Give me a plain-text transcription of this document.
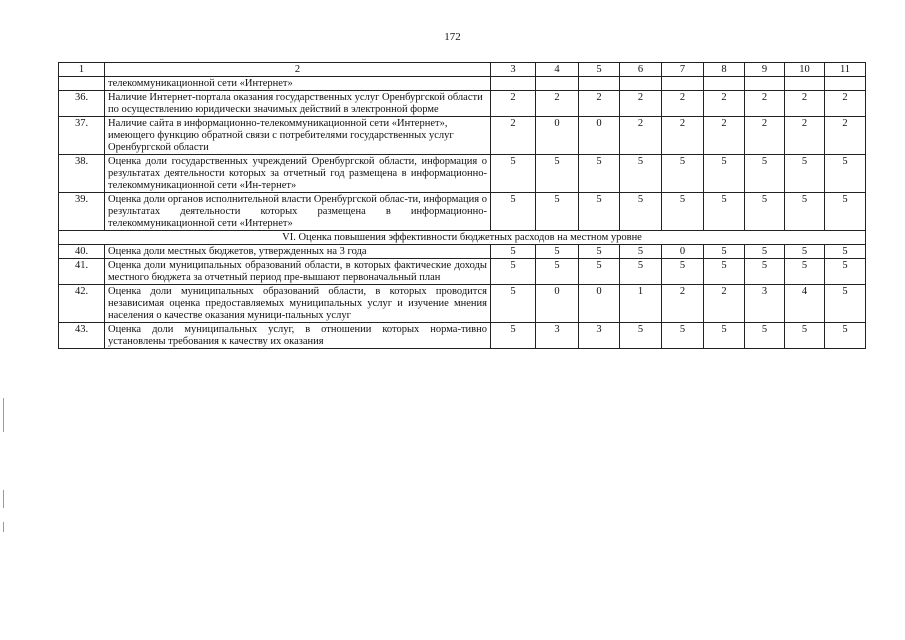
172
1	2	3	4	5	6	7	8	9	10	11
	телекоммуникационной сети «Интернет»									
36.	Наличие Интернет-портала оказания государственных услуг Оренбургской области по осуществлению юридически значимых действий в электронной форме	2	2	2	2	2	2	2	2	2
37.	Наличие сайта в информационно-телекоммуникационной сети «Интернет», имеющего функцию обратной связи с потребителями государственных услуг Оренбургской области	2	0	0	2	2	2	2	2	2
38.	Оценка доли государственных учреждений Оренбургской области, информация о результатах деятельности которых за отчетный год размещена в информационно-телекоммуникационной сети «Ин-тернет»	5	5	5	5	5	5	5	5	5
39.	Оценка доли органов исполнительной власти Оренбургской облас-ти, информация о результатах деятельности которых размещена в информационно-телекоммуникационной сети «Интернет»	5	5	5	5	5	5	5	5	5
VI. Оценка повышения эффективности бюджетных расходов на местном уровне										
40.	Оценка доли местных бюджетов, утвержденных на 3 года	5	5	5	5	0	5	5	5	5
41.	Оценка доли муниципальных образований области, в которых фактические доходы местного бюджета за отчетный период пре-вышают первоначальный план	5	5	5	5	5	5	5	5	5
42.	Оценка доли муниципальных образований области, в которых проводится независимая оценка предоставляемых муниципальных услуг и изучение мнения населения о качестве оказания муници-пальных услуг	5	0	0	1	2	2	3	4	5
43.	Оценка доли муниципальных услуг, в отношении которых норма-тивно установлены требования к качеству их оказания	5	3	3	5	5	5	5	5	5
